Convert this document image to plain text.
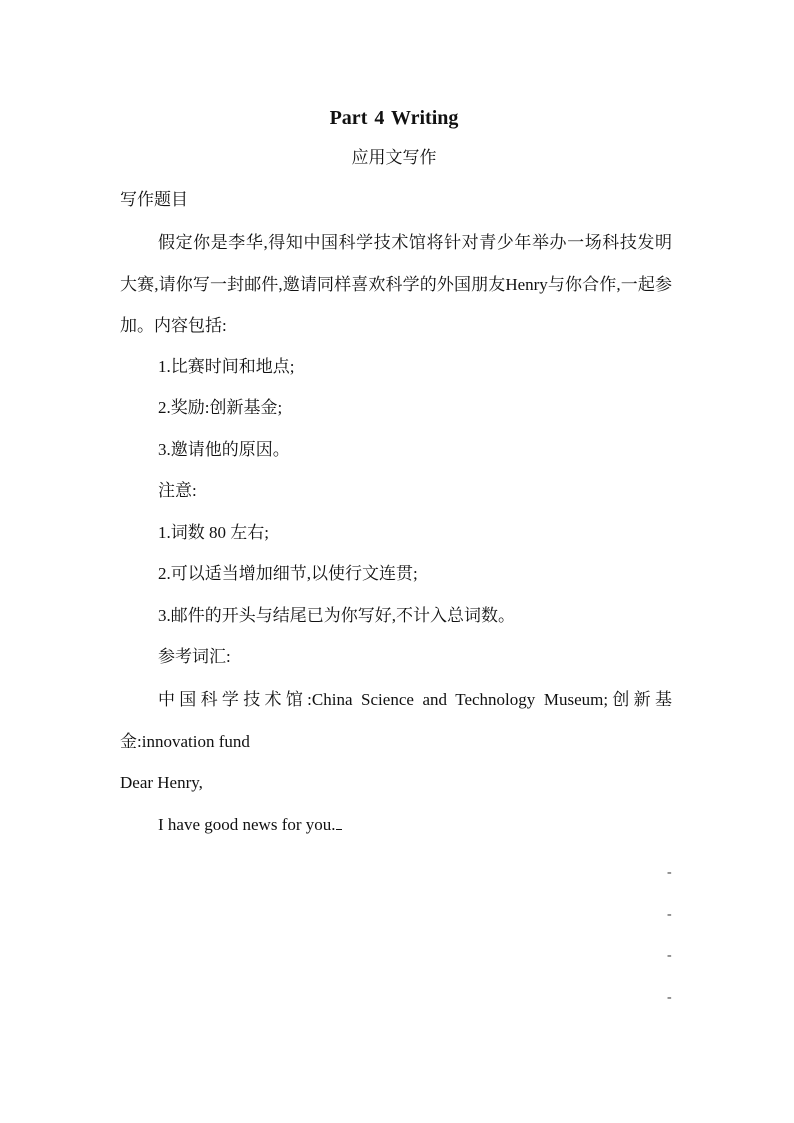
Part 4 Writing
应用文写作
写作题目
假定你是李华,得知中国科学技术馆将针对青少年举办一场科技发明大赛,请你写一封邮件,邀请同样喜欢科学的外国朋友Henry与你合作,一起参加。内容包括:
1.比赛时间和地点;
2.奖励:创新基金;
3.邀请他的原因。
注意:
1.词数 80 左右;
2.可以适当增加细节,以使行文连贯;
3.邮件的开头与结尾已为你写好,不计入总词数。
参考词汇:
中国科学技术馆:China Science and Technology Museum;创新基金:innovation fund
Dear Henry,
I have good news for you.
-
-
-
-
